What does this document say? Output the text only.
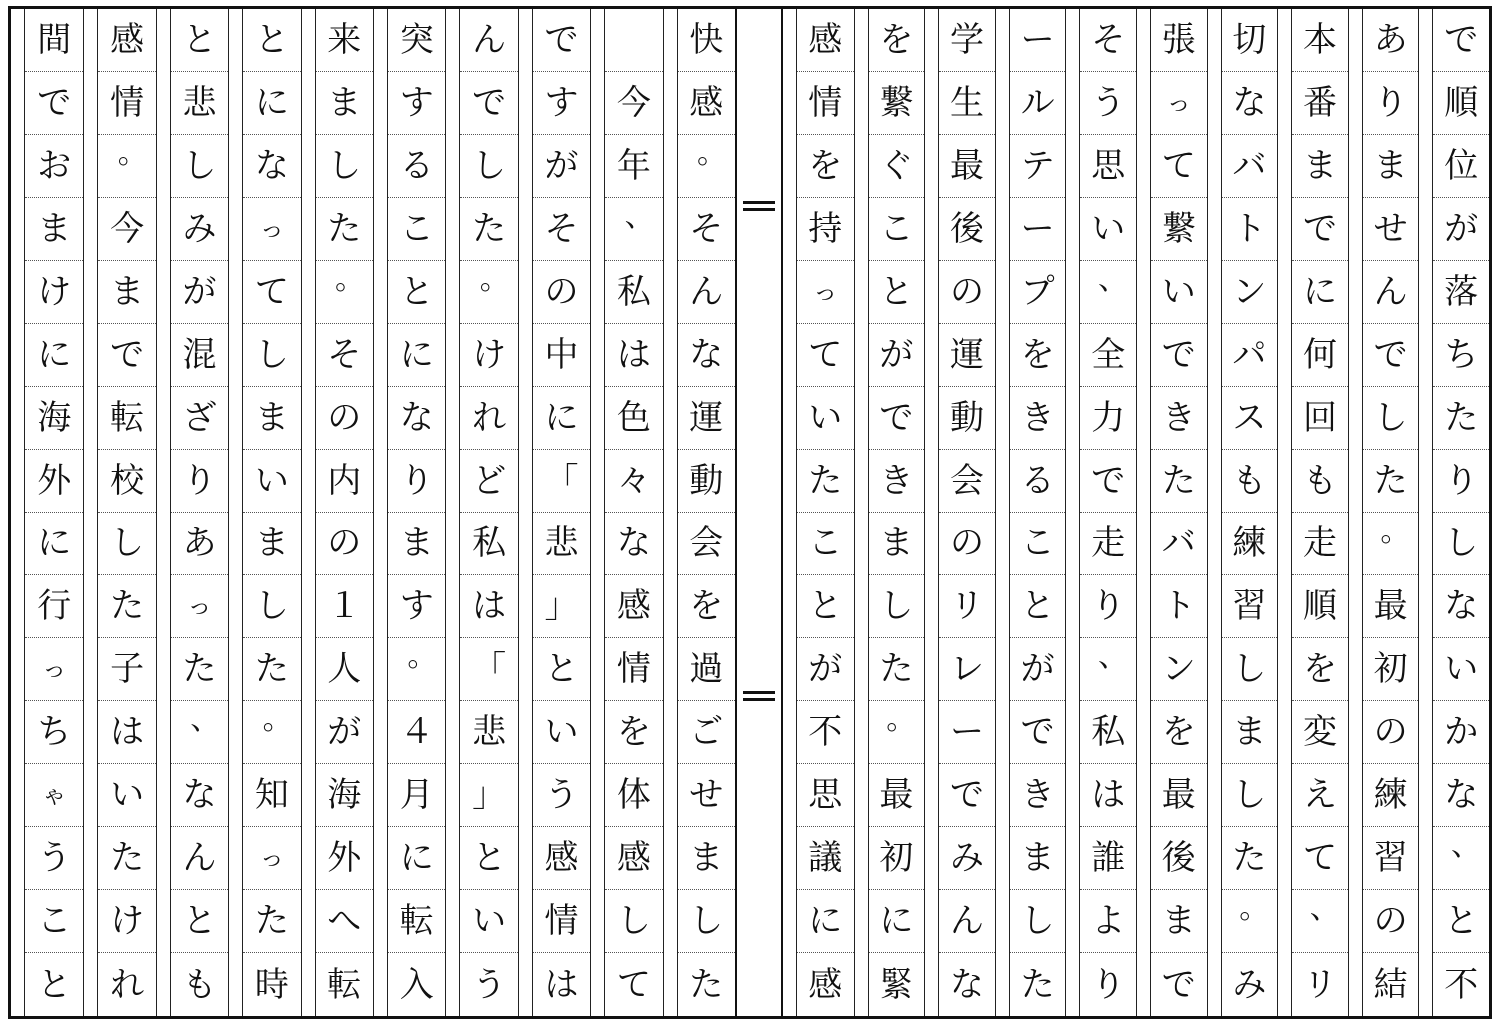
快
感
。
そ
ん
な
運
動
会
を
過
ご
せ
ま
し
た
今
年
、
私
は
色
々
な
感
情
を
体
感
し
て
で
す
が
そ
の
中
に
「
悲
」
と
い
う
感
情
は
ん
で
し
た
。
け
れ
ど
私
は
「
悲
」
と
い
う
突
す
る
こ
と
に
な
り
ま
す
。
４
月
に
転
入
来
ま
し
た
。
そ
の
内
の
１
人
が
海
外
へ
転
と
に
な
っ
て
し
ま
い
ま
し
た
。
知
っ
た
時
と
悲
し
み
が
混
ざ
り
あ
っ
た
、
な
ん
と
も
感
情
。
今
ま
で
転
校
し
た
子
は
い
た
け
れ
間
で
お
ま
け
に
海
外
に
行
っ
ち
ゃ
う
こ
と
で
順
位
が
落
ち
た
り
し
な
い
か
な
、
と
不
あ
り
ま
せ
ん
で
し
た
。
最
初
の
練
習
の
結
本
番
ま
で
に
何
回
も
走
順
を
変
え
て
、
リ
切
な
バ
ト
ン
パ
ス
も
練
習
し
ま
し
た
。
み
張
っ
て
繋
い
で
き
た
バ
ト
ン
を
最
後
ま
で
そ
う
思
い
、
全
力
で
走
り
、
私
は
誰
よ
り
ー
ル
テ
ー
プ
を
き
る
こ
と
が
で
き
ま
し
た
学
生
最
後
の
運
動
会
の
リ
レ
ー
で
み
ん
な
を
繋
ぐ
こ
と
が
で
き
ま
し
た
。
最
初
に
緊
感
情
を
持
っ
て
い
た
こ
と
が
不
思
議
に
感
